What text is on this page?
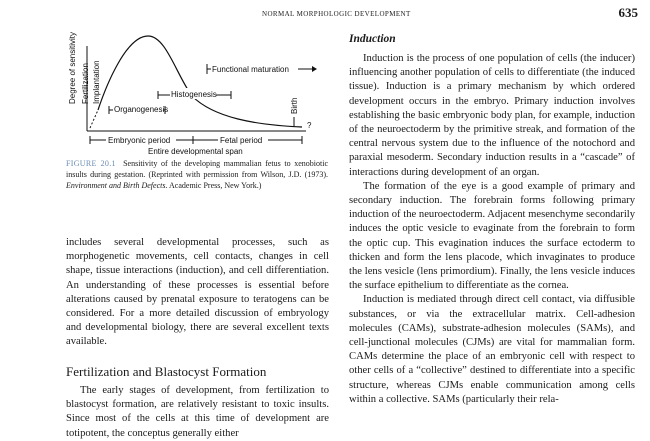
NORMAL MORPHOLOGIC DEVELOPMENT	635
Degree of sensitivity Fertilization Implantation	Functional maturation
Histogenesis
Organogenesis	Birth
?
Embryonic period	Fetal period
Entire developmental span
FIGURE 20.1 Sensitivity of the developing mammalian fetus to xenobiotic insults during gestation. (Reprinted with permission from Wilson, J.D. (1973). Environment and Birth Defects. Academic Press, New York.)

includes several developmental processes, such as morphogenetic movements, cell contacts, changes in cell shape, tissue interactions (induction), and cell differentiation. An understanding of these processes is essential before alterations caused by prenatal exposure to teratogens can be considered. For a more detailed discussion of embryology and developmental biology, there are several excellent texts available.

Fertilization and Blastocyst Formation

The early stages of development, from fertilization to blastocyst formation, are relatively resistant to toxic insults. Since most of the cells at this time of development are totipotent, the conceptus generally either

Induction

Induction is the process of one population of cells (the inducer) influencing another population of cells to differentiate (the induced tissue). Induction is a primary mechanism by which ordered development occurs in the embryo. Primary induction involves establishing the basic embryonic body plan, for example, induction of the neuroectoderm by the primitive streak, and formation of the central nervous system due to the influence of the notochord and paraxial mesoderm. Secondary induction results in a “cascade” of interactions during development of an organ.

The formation of the eye is a good example of primary and secondary induction. The forebrain forms following primary induction of the neuroectoderm. Adjacent mesenchyme secondarily induces the optic vesicle to evaginate from the forebrain to form the optic cup. This evagination induces the surface ectoderm to thicken and form the lens placode, which invaginates to produce the lens vesicle (lens primordium). Finally, the lens vesicle induces the surface epithelium to differentiate as the cornea.

Induction is mediated through direct cell contact, via diffusible substances, or via the extracellular matrix. Cell-adhesion molecules (CAMs), substrate-adhesion molecules (SAMs), and cell-junctional molecules (CJMs) are vital for mammalian form. CAMs determine the place of an embryonic cell with respect to other cells of a “collective” destined to differentiate into a specific structure, whereas CJMs enable communication among cells within a collective. SAMs (particularly their rela-
